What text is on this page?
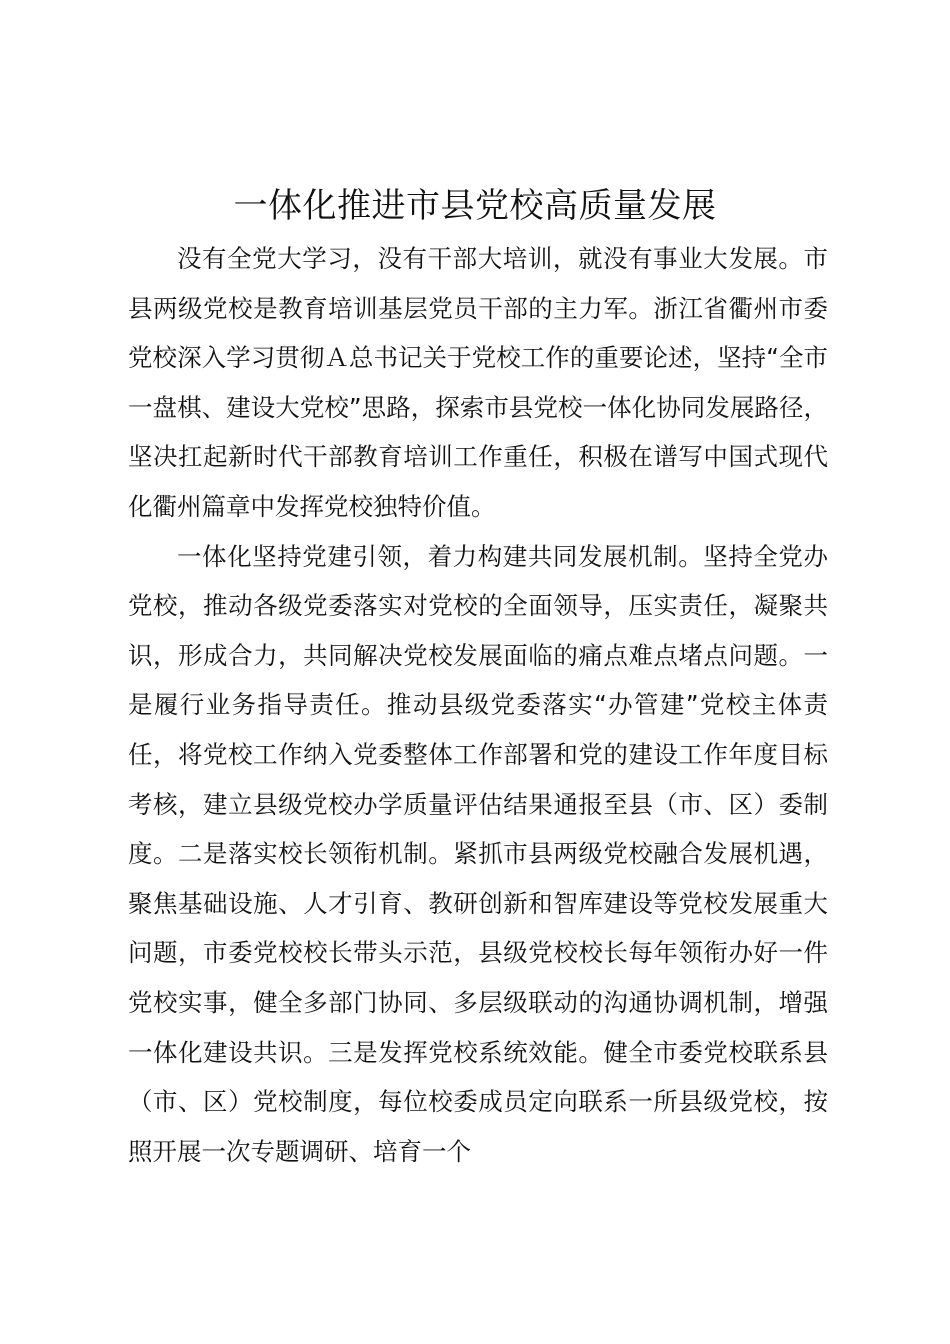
一体化推进市县党校高质量发展

没有全党大学习，没有干部大培训，就没有事业大发展。市县两级党校是教育培训基层党员干部的主力军。浙江省衢州市委党校深入学习贯彻Ａ总书记关于党校工作的重要论述，坚持“全市一盘棋、建设大党校”思路，探索市县党校一体化协同发展路径，坚决扛起新时代干部教育培训工作重任，积极在谱写中国式现代化衢州篇章中发挥党校独特价值。

一体化坚持党建引领，着力构建共同发展机制。坚持全党办党校，推动各级党委落实对党校的全面领导，压实责任，凝聚共识，形成合力，共同解决党校发展面临的痛点难点堵点问题。一是履行业务指导责任。推动县级党委落实“办管建”党校主体责任，将党校工作纳入党委整体工作部署和党的建设工作年度目标考核，建立县级党校办学质量评估结果通报至县（市、区）委制度。二是落实校长领衔机制。紧抓市县两级党校融合发展机遇，聚焦基础设施、人才引育、教研创新和智库建设等党校发展重大问题，市委党校校长带头示范，县级党校校长每年领衔办好一件党校实事，健全多部门协同、多层级联动的沟通协调机制，增强一体化建设共识。三是发挥党校系统效能。健全市委党校联系县（市、区）党校制度，每位校委成员定向联系一所县级党校，按照开展一次专题调研、培育一个
